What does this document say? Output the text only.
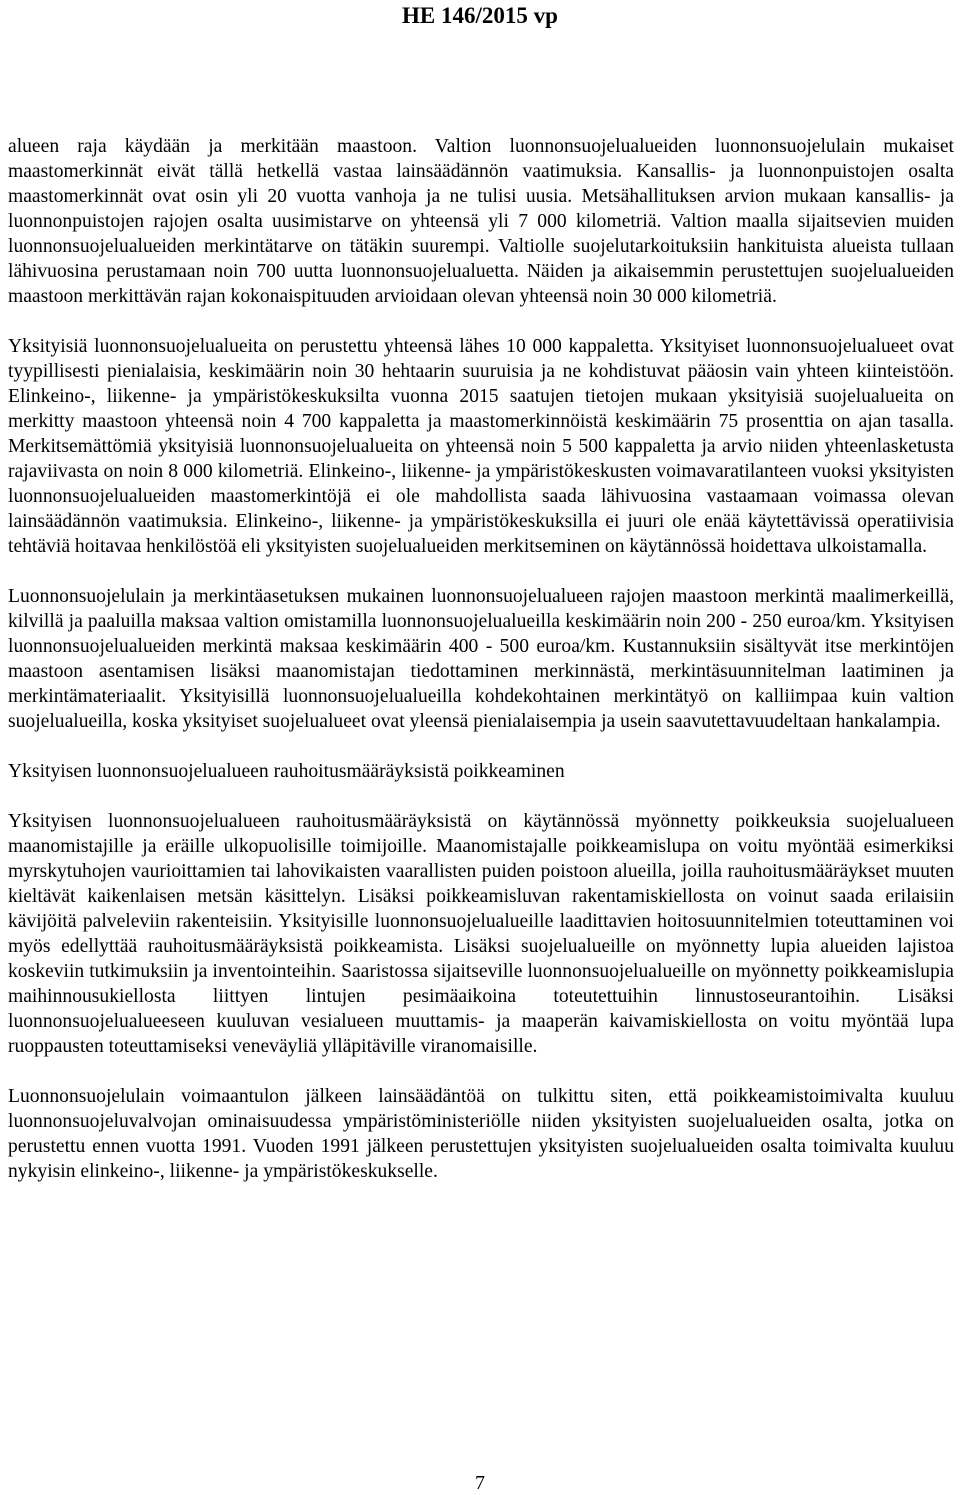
HE 146/2015 vp

alueen raja käydään ja merkitään maastoon. Valtion luonnonsuojelualueiden luonnonsuojelulain mukaiset maastomerkinnät eivät tällä hetkellä vastaa lainsäädännön vaatimuksia. Kansallis- ja luonnonpuistojen osalta maastomerkinnät ovat osin yli 20 vuotta vanhoja ja ne tulisi uusia. Metsähallituksen arvion mukaan kansallis- ja luonnonpuistojen rajojen osalta uusimistarve on yhteensä yli 7 000 kilometriä. Valtion maalla sijaitsevien muiden luonnonsuojelualueiden merkintätarve on tätäkin suurempi. Valtiolle suojelutarkoituksiin hankituista alueista tullaan lähivuosina perustamaan noin 700 uutta luonnonsuojelualuetta. Näiden ja aikaisemmin perustettujen suojelualueiden maastoon merkittävän rajan kokonaispituuden arvioidaan olevan yhteensä noin 30 000 kilometriä.

Yksityisiä luonnonsuojelualueita on perustettu yhteensä lähes 10 000 kappaletta. Yksityiset luonnonsuojelualueet ovat tyypillisesti pienialaisia, keskimäärin noin 30 hehtaarin suuruisia ja ne kohdistuvat pääosin vain yhteen kiinteistöön. Elinkeino-, liikenne- ja ympäristökeskuksilta vuonna 2015 saatujen tietojen mukaan yksityisiä suojelualueita on merkitty maastoon yhteensä noin 4 700 kappaletta ja maastomerkinnöistä keskimäärin 75 prosenttia on ajan tasalla. Merkitsemättömiä yksityisiä luonnonsuojelualueita on yhteensä noin 5 500 kappaletta ja arvio niiden yhteenlasketusta rajaviivasta on noin 8 000 kilometriä. Elinkeino-, liikenne- ja ympäristökeskusten voimavaratilanteen vuoksi yksityisten luonnonsuojelualueiden maastomerkintöjä ei ole mahdollista saada lähivuosina vastaamaan voimassa olevan lainsäädännön vaatimuksia. Elinkeino-, liikenne- ja ympäristökeskuksilla ei juuri ole enää käytettävissä operatiivisia tehtäviä hoitavaa henkilöstöä eli yksityisten suojelualueiden merkitseminen on käytännössä hoidettava ulkoistamalla.

Luonnonsuojelulain ja merkintäasetuksen mukainen luonnonsuojelualueen rajojen maastoon merkintä maalimerkeillä, kilvillä ja paaluilla maksaa valtion omistamilla luonnonsuojelualueilla keskimäärin noin 200 - 250 euroa/km. Yksityisen luonnonsuojelualueiden merkintä maksaa keskimäärin 400 - 500 euroa/km. Kustannuksiin sisältyvät itse merkintöjen maastoon asentamisen lisäksi maanomistajan tiedottaminen merkinnästä, merkintäsuunnitelman laatiminen ja merkintämateriaalit. Yksityisillä luonnonsuojelualueilla kohdekohtainen merkintätyö on kalliimpaa kuin valtion suojelualueilla, koska yksityiset suojelualueet ovat yleensä pienialaisempia ja usein saavutettavuudeltaan hankalampia.

Yksityisen luonnonsuojelualueen rauhoitusmääräyksistä poikkeaminen

Yksityisen luonnonsuojelualueen rauhoitusmääräyksistä on käytännössä myönnetty poikkeuksia suojelualueen maanomistajille ja eräille ulkopuolisille toimijoille. Maanomistajalle poikkeamislupa on voitu myöntää esimerkiksi myrskytuhojen vaurioittamien tai lahovikaisten vaarallisten puiden poistoon alueilla, joilla rauhoitusmääräykset muuten kieltävät kaikenlaisen metsän käsittelyn. Lisäksi poikkeamisluvan rakentamiskiellosta on voinut saada erilaisiin kävijöitä palveleviin rakenteisiin. Yksityisille luonnonsuojelualueille laadittavien hoitosuunnitelmien toteuttaminen voi myös edellyttää rauhoitusmääräyksistä poikkeamista. Lisäksi suojelualueille on myönnetty lupia alueiden lajistoa koskeviin tutkimuksiin ja inventointeihin. Saaristossa sijaitseville luonnonsuojelualueille on myönnetty poikkeamislupia maihinnousukiellosta liittyen lintujen pesimäaikoina toteutettuihin linnustoseurantoihin. Lisäksi luonnonsuojelualueeseen kuuluvan vesialueen muuttamis- ja maaperän kaivamiskiellosta on voitu myöntää lupa ruoppausten toteuttamiseksi veneväyliä ylläpitäville viranomaisille.

Luonnonsuojelulain voimaantulon jälkeen lainsäädäntöä on tulkittu siten, että poikkeamistoimivalta kuuluu luonnonsuojeluvalvojan ominaisuudessa ympäristöministeriölle niiden yksityisten suojelualueiden osalta, jotka on perustettu ennen vuotta 1991. Vuoden 1991 jälkeen perustettujen yksityisten suojelualueiden osalta toimivalta kuuluu nykyisin elinkeino-, liikenne- ja ympäristökeskukselle.

7
